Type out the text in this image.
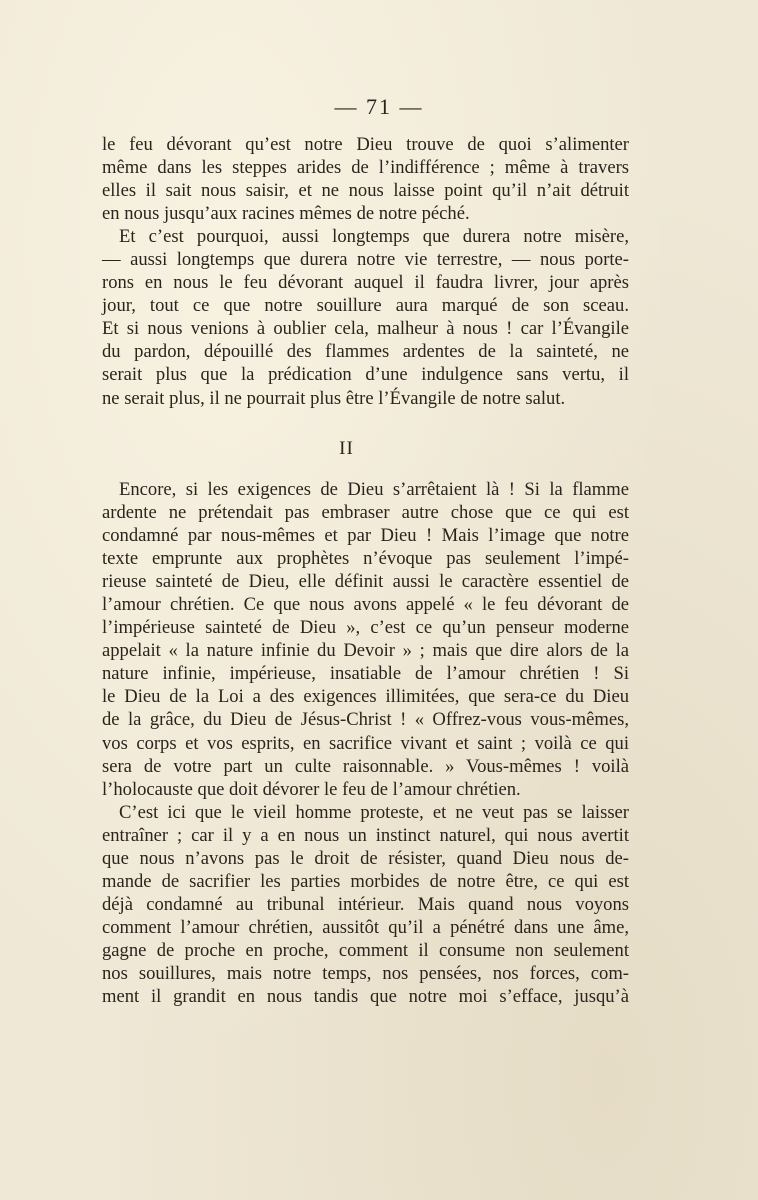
— 71 —
le feu dévorant qu’est notre Dieu trouve de quoi s’alimenter
même dans les steppes arides de l’indifférence ; même à travers
elles il sait nous saisir, et ne nous laisse point qu’il n’ait détruit
en nous jusqu’aux racines mêmes de notre péché.
Et c’est pourquoi, aussi longtemps que durera notre misère,
— aussi longtemps que durera notre vie terrestre, — nous porte-
rons en nous le feu dévorant auquel il faudra livrer, jour après
jour, tout ce que notre souillure aura marqué de son sceau.
Et si nous venions à oublier cela, malheur à nous ! car l’Évangile
du pardon, dépouillé des flammes ardentes de la sainteté, ne
serait plus que la prédication d’une indulgence sans vertu, il
ne serait plus, il ne pourrait plus être l’Évangile de notre salut.
II
Encore, si les exigences de Dieu s’arrêtaient là ! Si la flamme
ardente ne prétendait pas embraser autre chose que ce qui est
condamné par nous-mêmes et par Dieu ! Mais l’image que notre
texte emprunte aux prophètes n’évoque pas seulement l’impé-
rieuse sainteté de Dieu, elle définit aussi le caractère essentiel de
l’amour chrétien. Ce que nous avons appelé « le feu dévorant de
l’impérieuse sainteté de Dieu », c’est ce qu’un penseur moderne
appelait « la nature infinie du Devoir » ; mais que dire alors de la
nature infinie, impérieuse, insatiable de l’amour chrétien ! Si
le Dieu de la Loi a des exigences illimitées, que sera-ce du Dieu
de la grâce, du Dieu de Jésus-Christ ! « Offrez-vous vous-mêmes,
vos corps et vos esprits, en sacrifice vivant et saint ; voilà ce qui
sera de votre part un culte raisonnable. » Vous-mêmes ! voilà
l’holocauste que doit dévorer le feu de l’amour chrétien.
C’est ici que le vieil homme proteste, et ne veut pas se laisser
entraîner ; car il y a en nous un instinct naturel, qui nous avertit
que nous n’avons pas le droit de résister, quand Dieu nous de-
mande de sacrifier les parties morbides de notre être, ce qui est
déjà condamné au tribunal intérieur. Mais quand nous voyons
comment l’amour chrétien, aussitôt qu’il a pénétré dans une âme,
gagne de proche en proche, comment il consume non seulement
nos souillures, mais notre temps, nos pensées, nos forces, com-
ment il grandit en nous tandis que notre moi s’efface, jusqu’à
